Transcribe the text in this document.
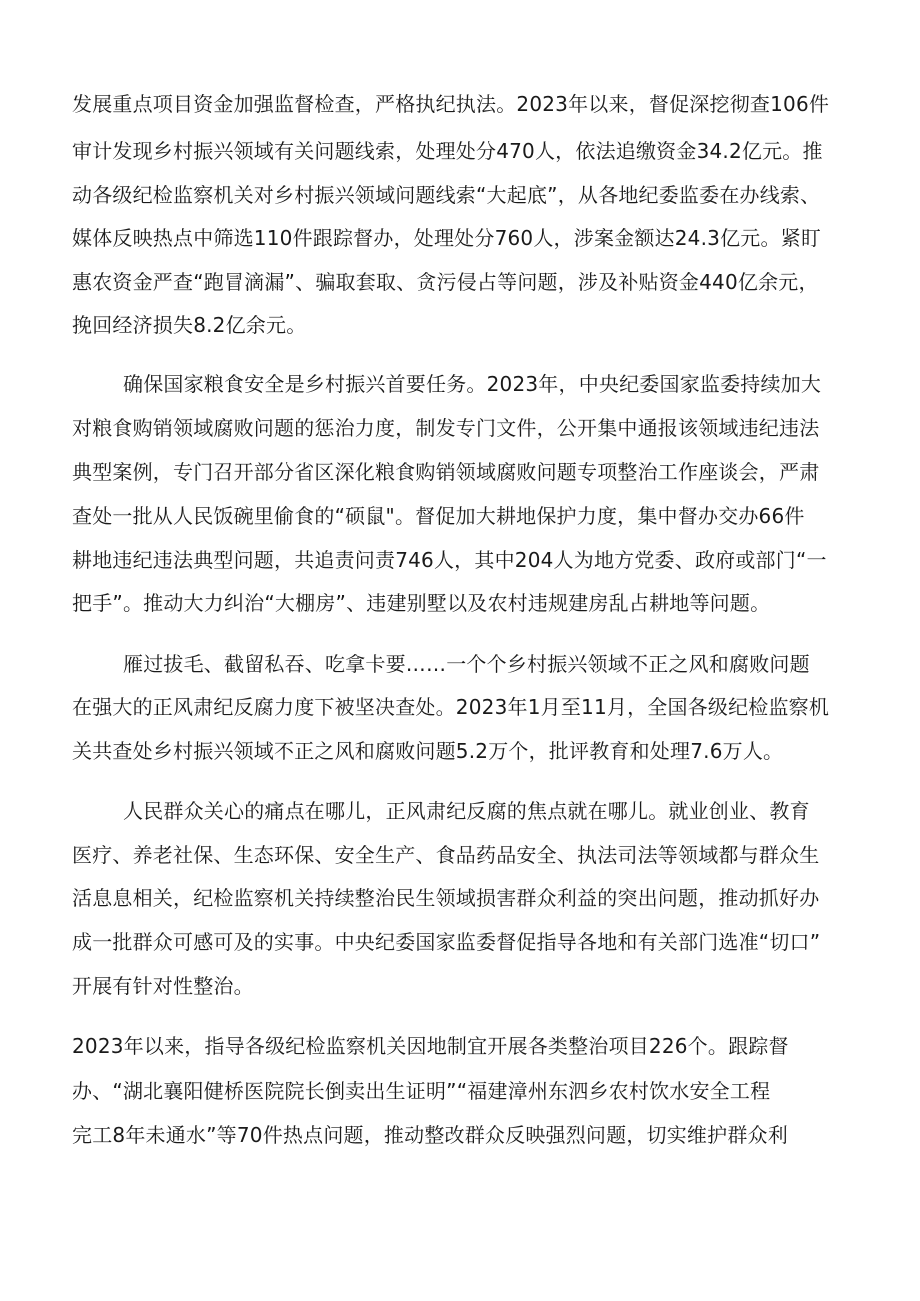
发展重点项目资金加强监督检查，严格执纪执法。2023年以来，督促深挖彻查106件
审计发现乡村振兴领域有关问题线索，处理处分470人，依法追缴资金34.2亿元。推
动各级纪检监察机关对乡村振兴领域问题线索“大起底”，从各地纪委监委在办线索、
媒体反映热点中筛选110件跟踪督办，处理处分760人，涉案金额达24.3亿元。紧盯
惠农资金严查“跑冒滴漏”、骗取套取、贪污侵占等问题，涉及补贴资金440亿余元，
挽回经济损失8.2亿余元。
确保国家粮食安全是乡村振兴首要任务。2023年，中央纪委国家监委持续加大
对粮食购销领域腐败问题的惩治力度，制发专门文件，公开集中通报该领域违纪违法
典型案例，专门召开部分省区深化粮食购销领域腐败问题专项整治工作座谈会，严肃
查处一批从人民饭碗里偷食的“硕鼠"。督促加大耕地保护力度，集中督办交办66件
耕地违纪违法典型问题，共追责问责746人，其中204人为地方党委、政府或部门“一
把手”。推动大力纠治“大棚房”、违建别墅以及农村违规建房乱占耕地等问题。
雁过拔毛、截留私吞、吃拿卡要……一个个乡村振兴领域不正之风和腐败问题
在强大的正风肃纪反腐力度下被坚决查处。2023年1月至11月，全国各级纪检监察机
关共查处乡村振兴领域不正之风和腐败问题5.2万个，批评教育和处理7.6万人。
人民群众关心的痛点在哪儿，正风肃纪反腐的焦点就在哪儿。就业创业、教育
医疗、养老社保、生态环保、安全生产、食品药品安全、执法司法等领域都与群众生
活息息相关，纪检监察机关持续整治民生领域损害群众利益的突出问题，推动抓好办
成一批群众可感可及的实事。中央纪委国家监委督促指导各地和有关部门选准“切口”
开展有针对性整治。
2023年以来，指导各级纪检监察机关因地制宜开展各类整治项目226个。跟踪督
办、“湖北襄阳健桥医院院长倒卖出生证明”“福建漳州东泗乡农村饮水安全工程
完工8年未通水”等70件热点问题，推动整改群众反映强烈问题，切实维护群众利
